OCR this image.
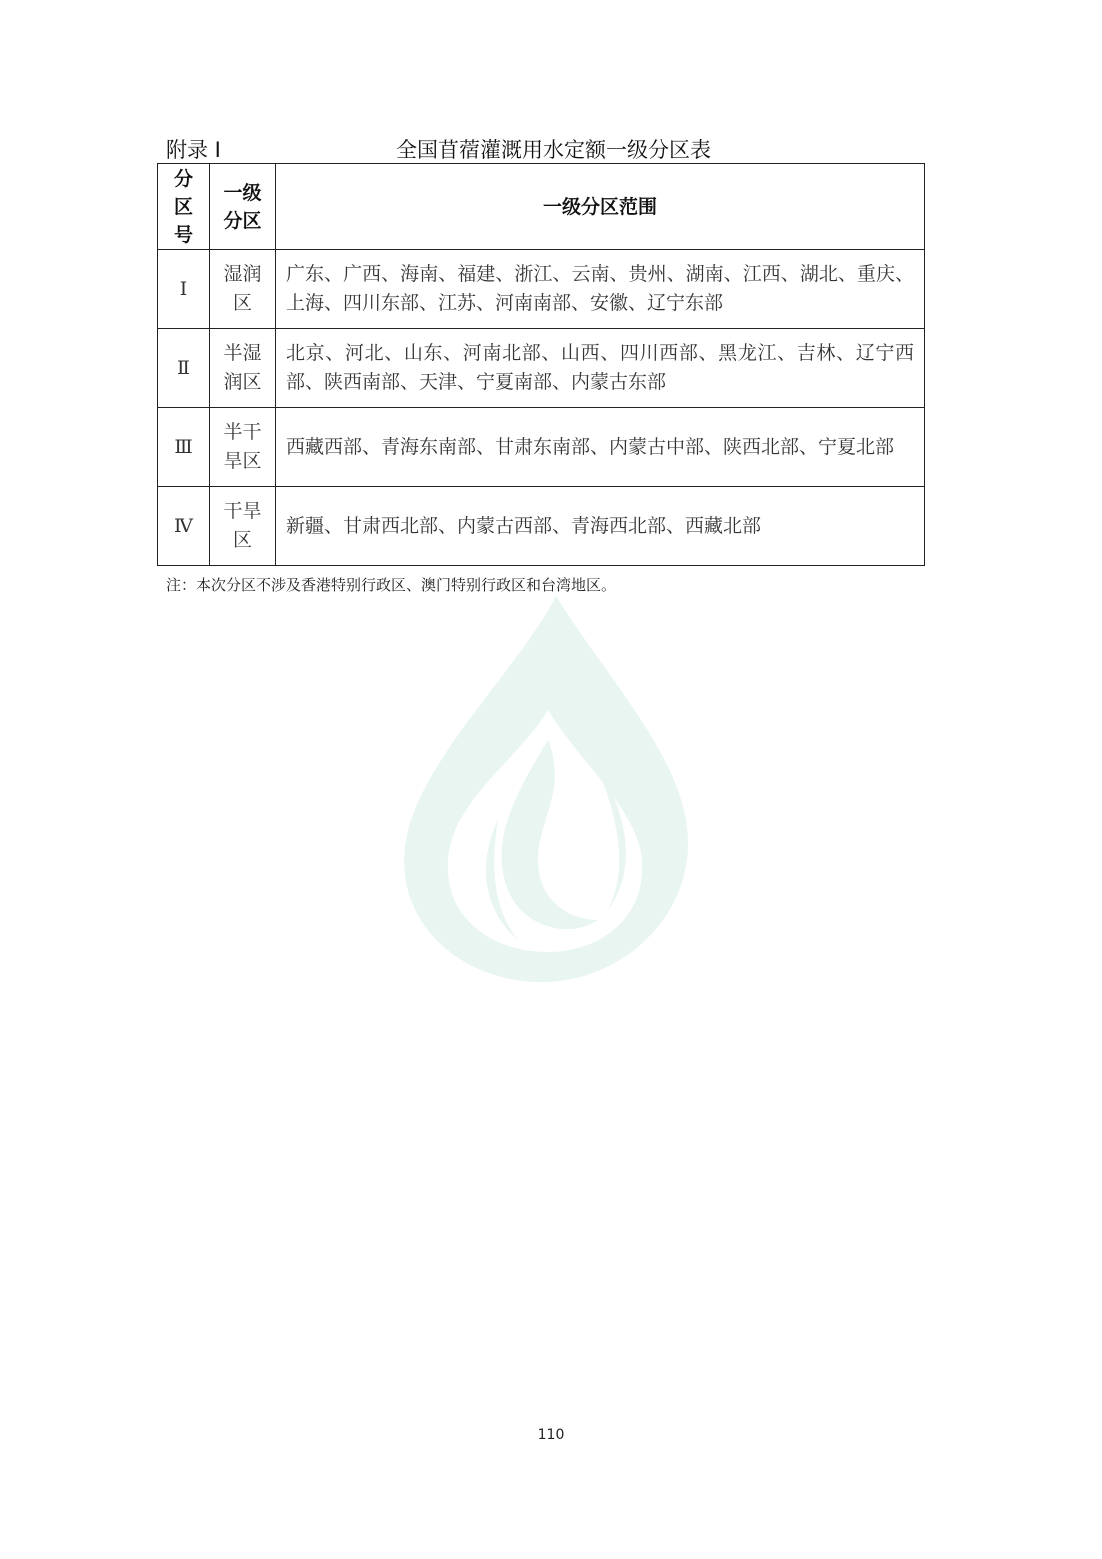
附录 I	全国苜蓿灌溉用水定额一级分区表
分区号	一级分区	一级分区范围
Ⅰ	湿润区	广东、广西、海南、福建、浙江、云南、贵州、湖南、江西、湖北、重庆、上海、四川东部、江苏、河南南部、安徽、辽宁东部
Ⅱ	半湿润区	北京、河北、山东、河南北部、山西、四川西部、黑龙江、吉林、辽宁西部、陕西南部、天津、宁夏南部、内蒙古东部
Ⅲ	半干旱区	西藏西部、青海东南部、甘肃东南部、内蒙古中部、陕西北部、宁夏北部
Ⅳ	干旱区	新疆、甘肃西北部、内蒙古西部、青海西北部、西藏北部
注：本次分区不涉及香港特别行政区、澳门特别行政区和台湾地区。
110
